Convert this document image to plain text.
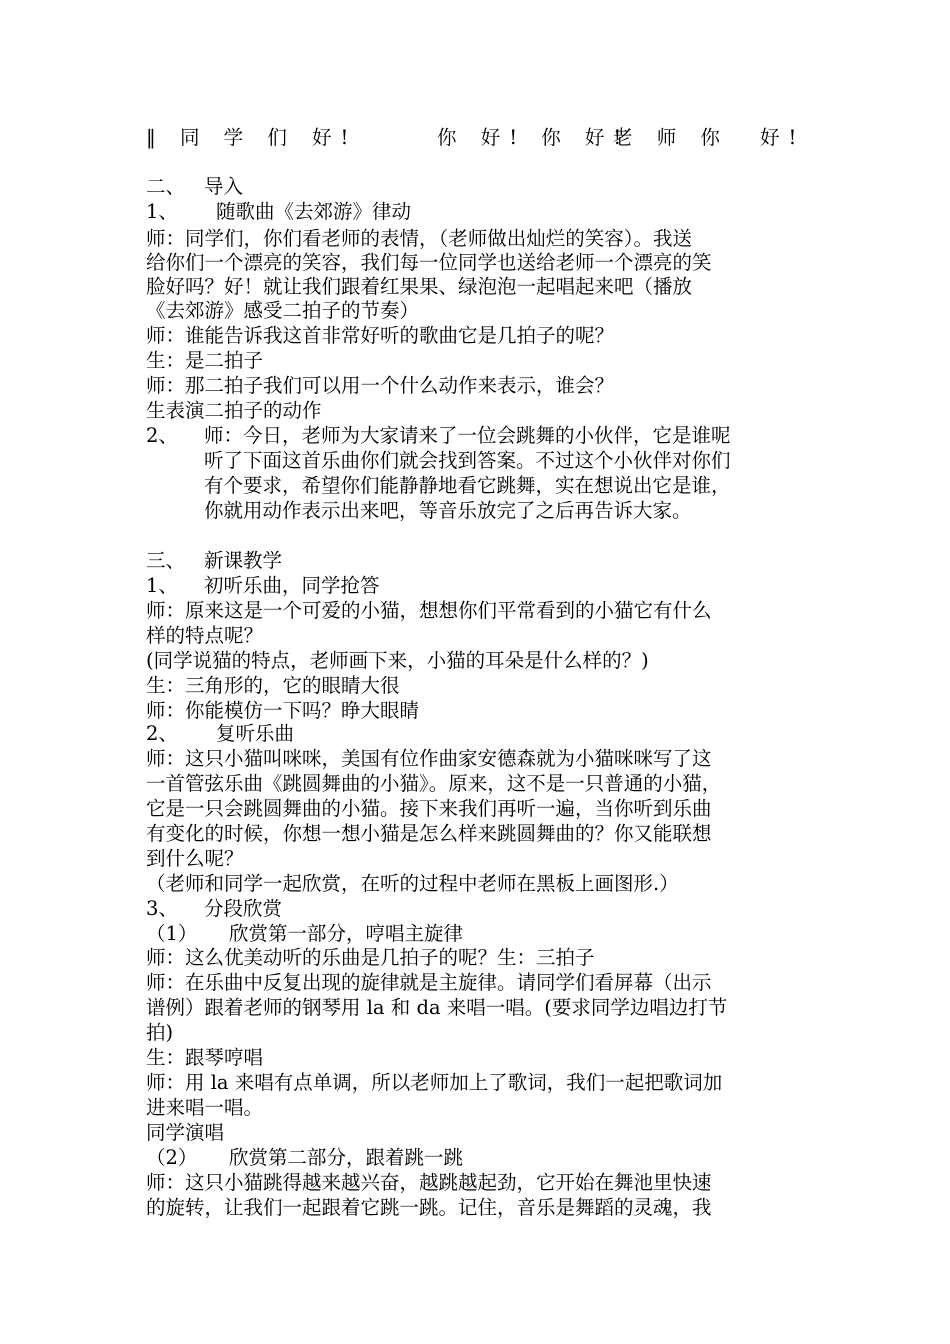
‖ 同 学 们 好!	你 好! 你 好!
老 师 你 好!
二、 导入
1、 随歌曲《去郊游》律动
师：同学们，你们看老师的表情，（老师做出灿烂的笑容）。我送
给你们一个漂亮的笑容，我们每一位同学也送给老师一个漂亮的笑
脸好吗？好！就让我们跟着红果果、绿泡泡一起唱起来吧（播放
《去郊游》感受二拍子的节奏）
师：谁能告诉我这首非常好听的歌曲它是几拍子的呢？
生：是二拍子
师：那二拍子我们可以用一个什么动作来表示，谁会？
生表演二拍子的动作
2、 师：今日，老师为大家请来了一位会跳舞的小伙伴，它是谁呢
听了下面这首乐曲你们就会找到答案。不过这个小伙伴对你们
有个要求，希望你们能静静地看它跳舞，实在想说出它是谁，
你就用动作表示出来吧，等音乐放完了之后再告诉大家。
三、 新课教学
1、 初听乐曲，同学抢答
师：原来这是一个可爱的小猫，想想你们平常看到的小猫它有什么
样的特点呢？
(同学说猫的特点，老师画下来，小猫的耳朵是什么样的？)
生：三角形的，它的眼睛大很
师：你能模仿一下吗？睁大眼睛
2、 复听乐曲
师：这只小猫叫咪咪，美国有位作曲家安德森就为小猫咪咪写了这
一首管弦乐曲《跳圆舞曲的小猫》。原来，这不是一只普通的小猫，
它是一只会跳圆舞曲的小猫。接下来我们再听一遍，当你听到乐曲
有变化的时候，你想一想小猫是怎么样来跳圆舞曲的？你又能联想
到什么呢？
（老师和同学一起欣赏，在听的过程中老师在黑板上画图形.）
3、 分段欣赏
（1） 欣赏第一部分，哼唱主旋律
师：这么优美动听的乐曲是几拍子的呢？生：三拍子
师：在乐曲中反复出现的旋律就是主旋律。请同学们看屏幕（出示
谱例）跟着老师的钢琴用 la 和 da 来唱一唱。(要求同学边唱边打节
拍)
生：跟琴哼唱
师：用 la 来唱有点单调，所以老师加上了歌词，我们一起把歌词加
进来唱一唱。
同学演唱
（2） 欣赏第二部分，跟着跳一跳
师：这只小猫跳得越来越兴奋，越跳越起劲，它开始在舞池里快速
的旋转，让我们一起跟着它跳一跳。记住，音乐是舞蹈的灵魂，我
